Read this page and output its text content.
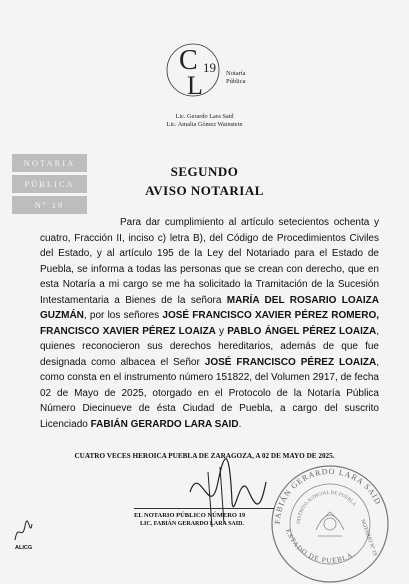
C
L
19 Notaría
Pública
Lic. Gerardo Lara Said
Lic. Amalia Gómez Wainstein
NOTARIA
PÚBLICA
Nº 19
SEGUNDO
AVISO NOTARIAL
Para dar cumplimiento al artículo setecientos ochenta y cuatro, Fracción II, inciso c) letra B), del Código de Procedimientos Civiles del Estado, y al artículo 195 de la Ley del Notariado para el Estado de Puebla, se informa a todas las personas que se crean con derecho, que en esta Notaría a mi cargo se me ha solicitado la Tramitación de la Sucesión Intestamentaria a Bienes de la señora MARÍA DEL ROSARIO LOAIZA GUZMÁN, por los señores JOSÉ FRANCISCO XAVIER PÉREZ ROMERO, FRANCISCO XAVIER PÉREZ LOAIZA y PABLO ÁNGEL PÉREZ LOAIZA, quienes reconocieron sus derechos hereditarios, además de que fue designada como albacea el Señor JOSÉ FRANCISCO PÉREZ LOAIZA, como consta en el instrumento número 151822, del Volumen 2917, de fecha 02 de Mayo de 2025, otorgado en el Protocolo de la Notaría Pública Número Diecinueve de ésta Ciudad de Puebla, a cargo del suscrito Licenciado FABIÁN GERARDO LARA SAID.
CUATRO VECES HEROICA PUEBLA DE ZARAGOZA, A 02 DE MAYO DE 2025.
FABIÁN GERARDO LARA SAID
ESTADO DE PUEBLA
DISTRITO JUDICIAL DE PUEBLA
NOTARIO Nº 19
EL NOTARIO PÚBLICO NÚMERO 19
LIC. FABIÁN GERARDO LARA SAID.
ALICG
